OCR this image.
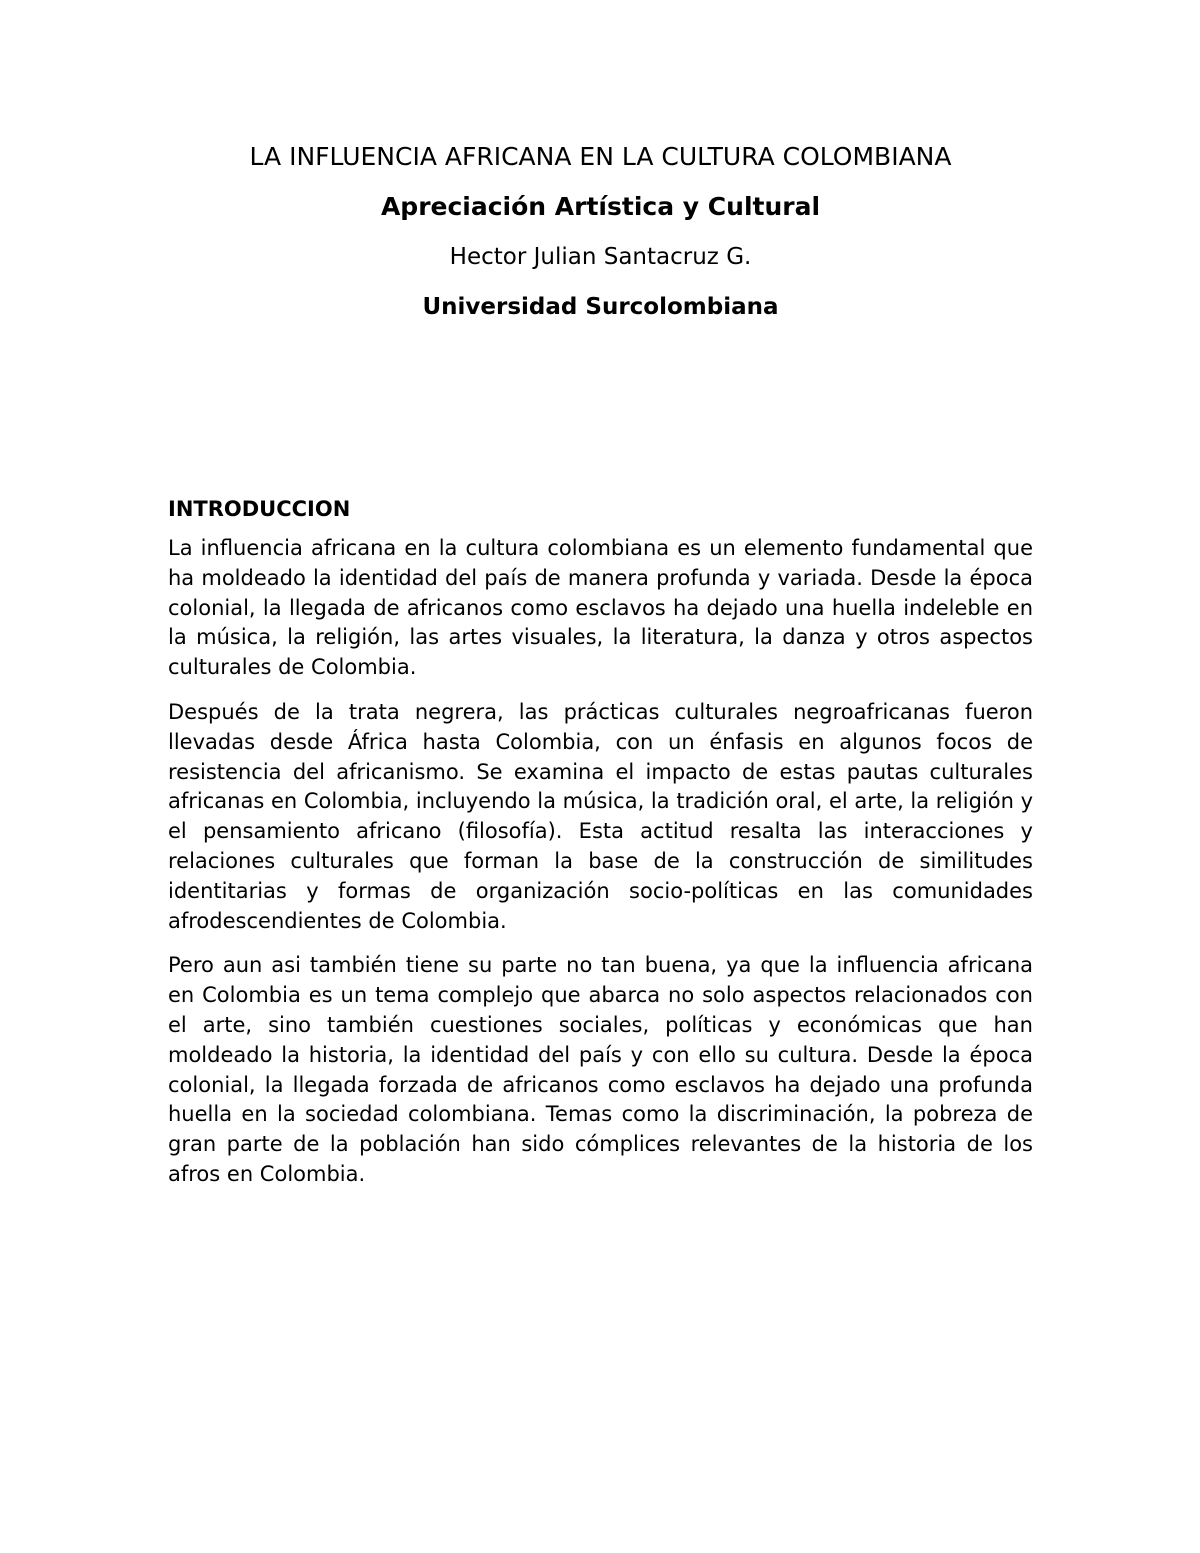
LA INFLUENCIA AFRICANA EN LA CULTURA COLOMBIANA
Apreciación Artística y Cultural

Hector Julian Santacruz G.

Universidad Surcolombiana

INTRODUCCION

La influencia africana en la cultura colombiana es un elemento fundamental que ha moldeado la identidad del país de manera profunda y variada. Desde la época colonial, la llegada de africanos como esclavos ha dejado una huella indeleble en la música, la religión, las artes visuales, la literatura, la danza y otros aspectos culturales de Colombia.

Después de la trata negrera, las prácticas culturales negroafricanas fueron llevadas desde África hasta Colombia, con un énfasis en algunos focos de resistencia del africanismo. Se examina el impacto de estas pautas culturales africanas en Colombia, incluyendo la música, la tradición oral, el arte, la religión y el pensamiento africano (filosofía). Esta actitud resalta las interacciones y relaciones culturales que forman la base de la construcción de similitudes identitarias y formas de organización socio-políticas en las comunidades afrodescendientes de Colombia.

Pero aun asi también tiene su parte no tan buena, ya que la influencia africana en Colombia es un tema complejo que abarca no solo aspectos relacionados con el arte, sino también cuestiones sociales, políticas y económicas que han moldeado la historia, la identidad del país y con ello su cultura. Desde la época colonial, la llegada forzada de africanos como esclavos ha dejado una profunda huella en la sociedad colombiana. Temas como la discriminación, la pobreza de gran parte de la población han sido cómplices relevantes de la historia de los afros en Colombia.
